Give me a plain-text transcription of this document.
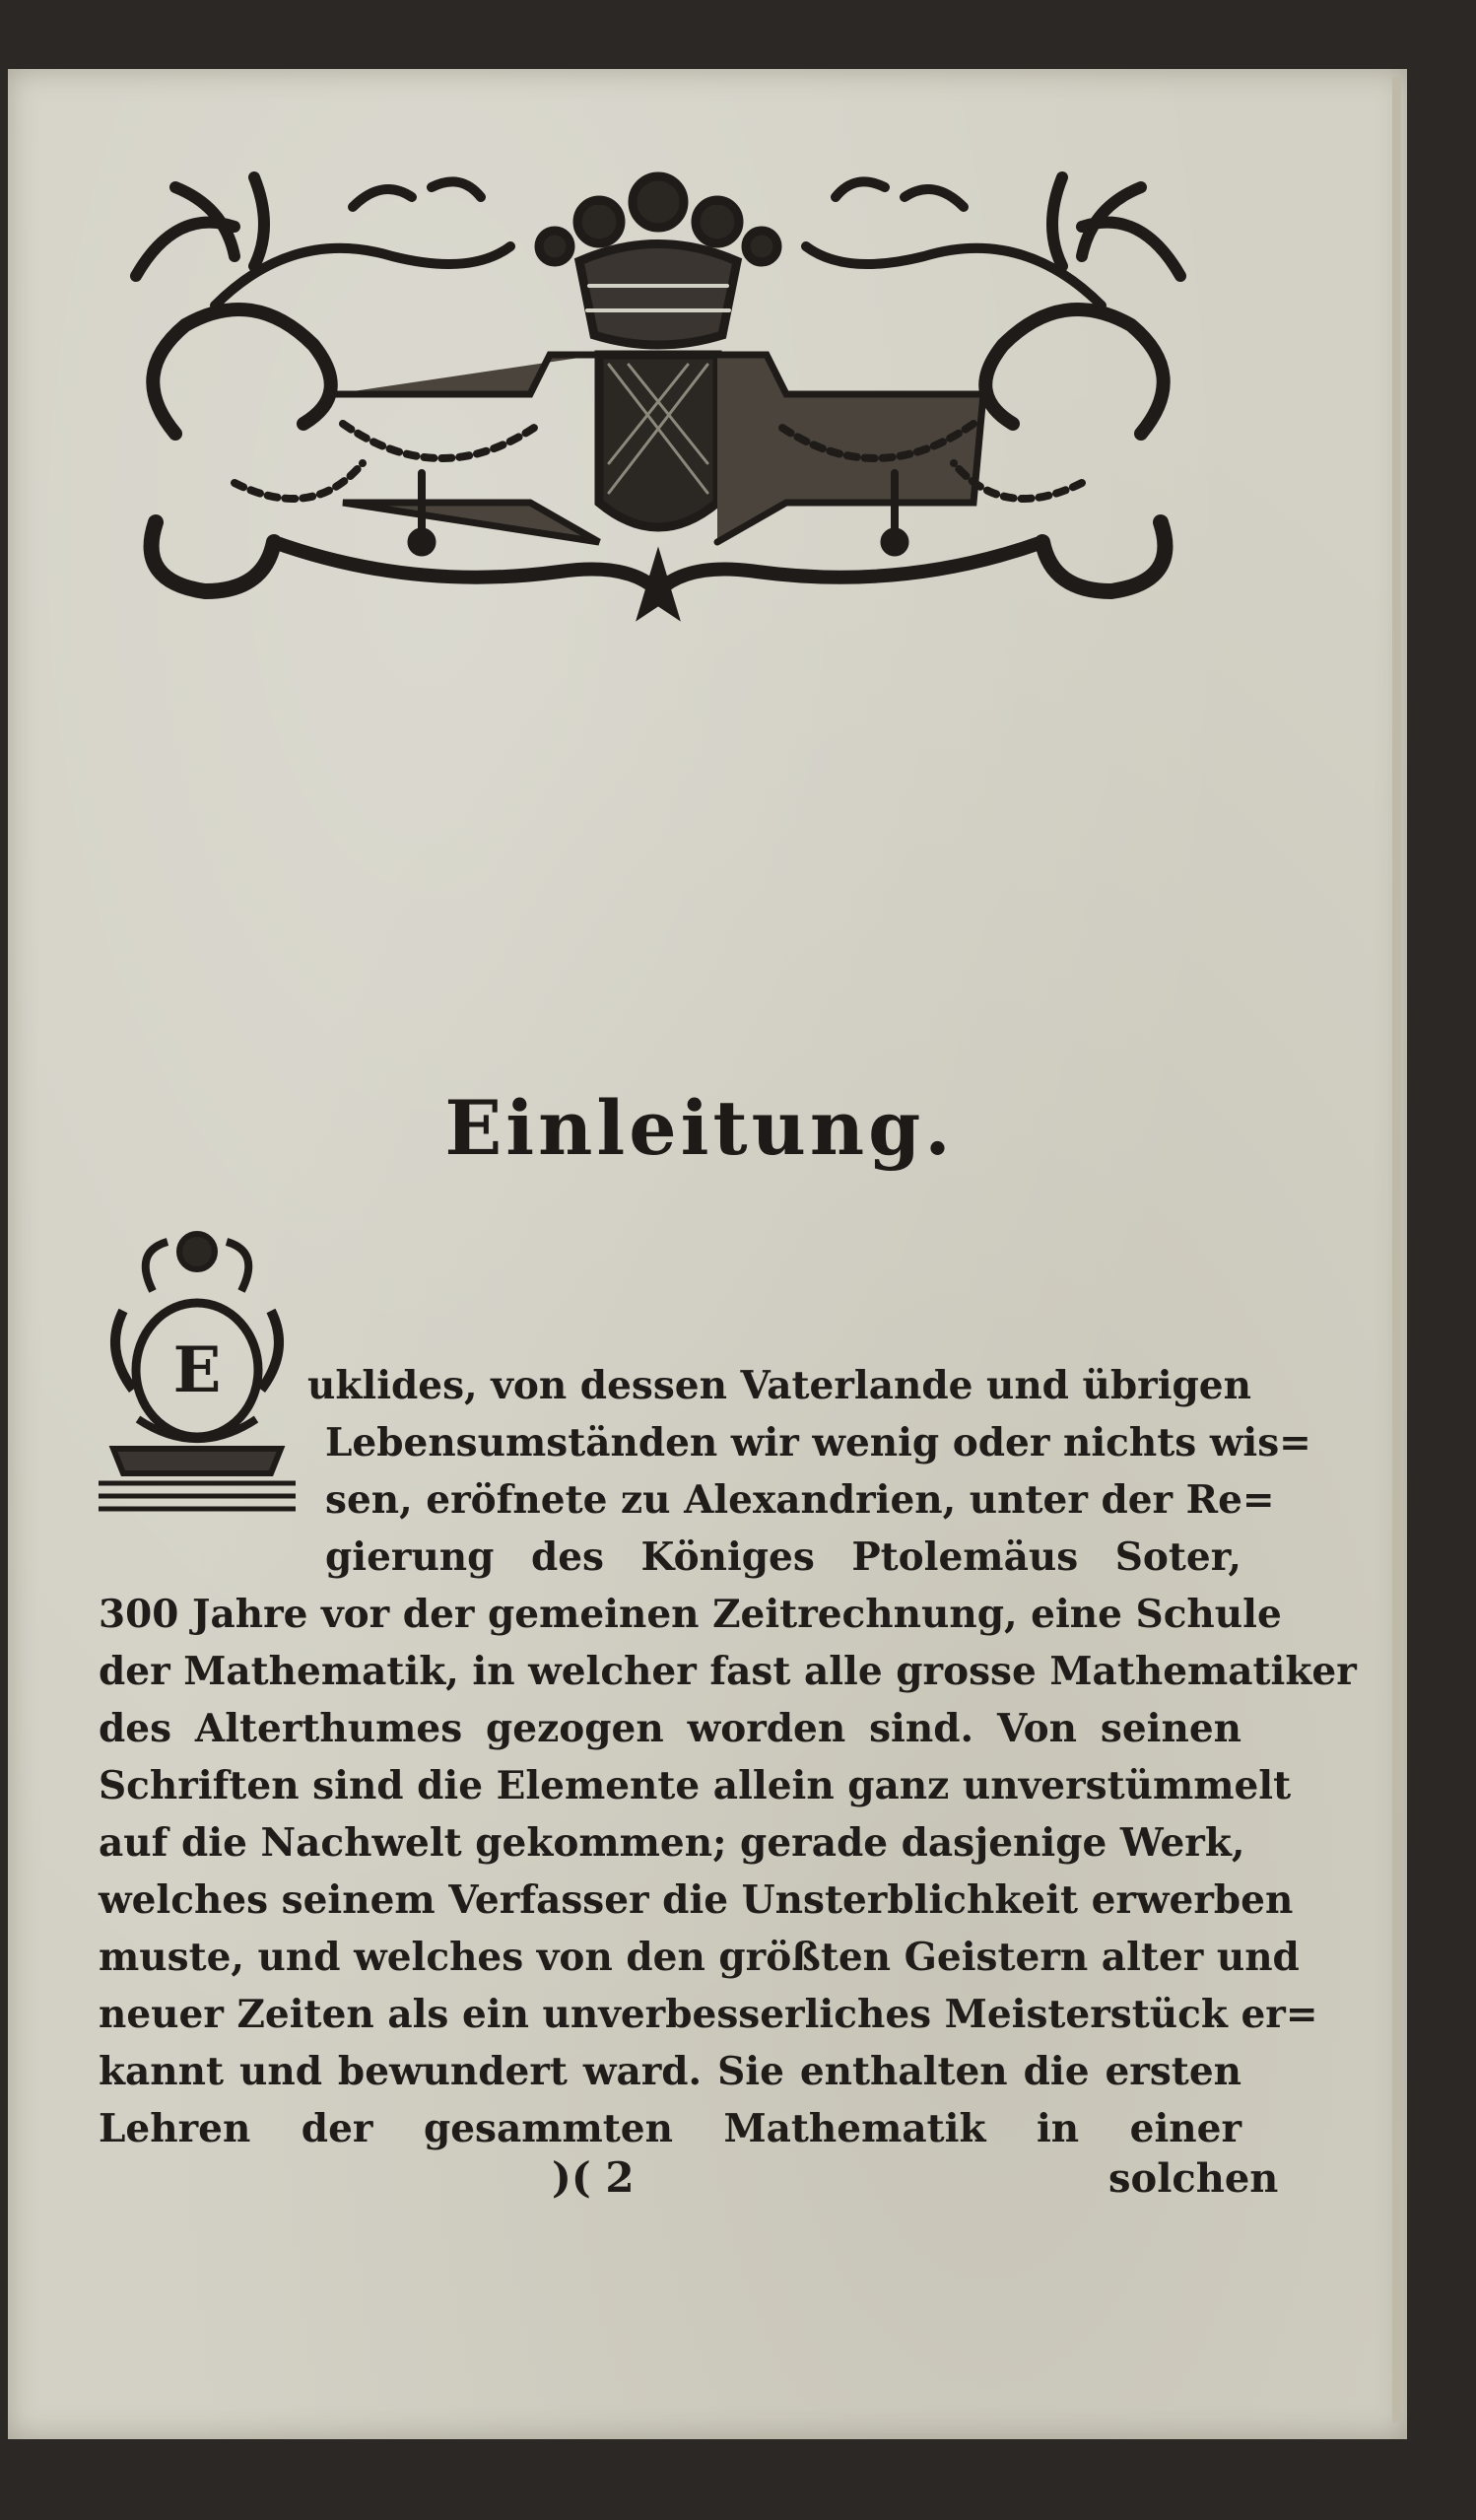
Einleitung.
E uklides, von dessen Vaterlande und übrigen
Lebensumständen wir wenig oder nichts wis=
sen, eröfnete zu Alexandrien, unter der Re=
gierung des Königes Ptolemäus Soter,
300 Jahre vor der gemeinen Zeitrechnung, eine Schule
der Mathematik, in welcher fast alle grosse Mathematiker
des Alterthumes gezogen worden sind. Von seinen
Schriften sind die Elemente allein ganz unverstümmelt
auf die Nachwelt gekommen; gerade dasjenige Werk,
welches seinem Verfasser die Unsterblichkeit erwerben
muste, und welches von den größten Geistern alter und
neuer Zeiten als ein unverbesserliches Meisterstück er=
kannt und bewundert ward. Sie enthalten die ersten
Lehren der gesammten Mathematik in einer
)( 2	solchen
